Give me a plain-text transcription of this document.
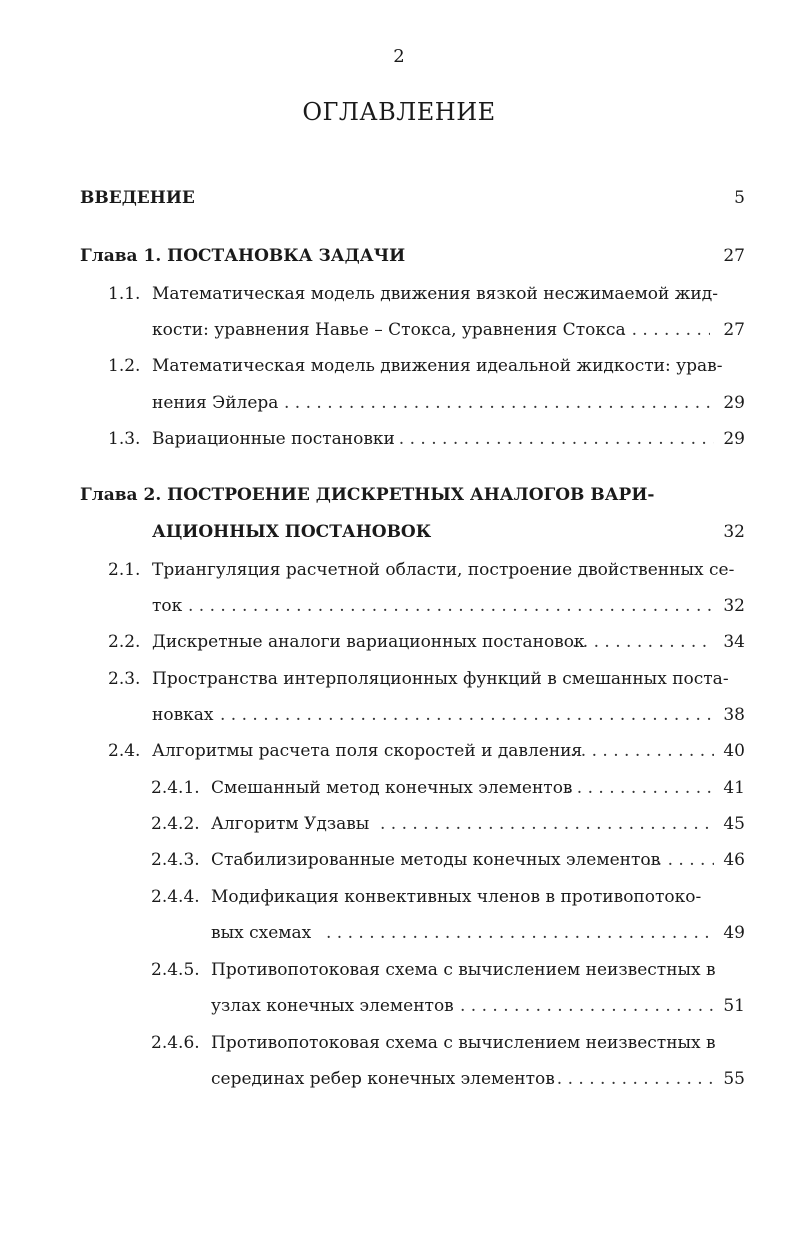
2
ОГЛАВЛЕНИЕ
ВВЕДЕНИЕ	5
Глава 1. ПОСТАНОВКА ЗАДАЧИ	27
1.1. Математическая модель движения вязкой несжимаемой жид-
кости: уравнения Навье – Стокса, уравнения Стокса . . .	27
1.2. Математическая модель движения идеальной жидкости: урав-
нения Эйлера . . .	29
1.3. Вариационные постановки . . .	29
Глава 2. ПОСТРОЕНИЕ ДИСКРЕТНЫХ АНАЛОГОВ ВАРИ-
АЦИОННЫХ ПОСТАНОВОК	32
2.1. Триангуляция расчетной области, построение двойственных се-
ток . . .	32
2.2. Дискретные аналоги вариационных постановок . . .	34
2.3. Пространства интерполяционных функций в смешанных поста-
новках . . .	38
2.4. Алгоритмы расчета поля скоростей и давления . . .	40
2.4.1. Смешанный метод конечных элементов . . .	41
2.4.2. Алгоритм Удзавы . . .	45
2.4.3. Стабилизированные методы конечных элементов . . .	46
2.4.4. Модификация конвективных членов в противопотоко-
вых схемах . . .	49
2.4.5. Противопотоковая схема с вычислением неизвестных в
узлах конечных элементов . . .	51
2.4.6. Противопотоковая схема с вычислением неизвестных в
серединах ребер конечных элементов . . .	55
